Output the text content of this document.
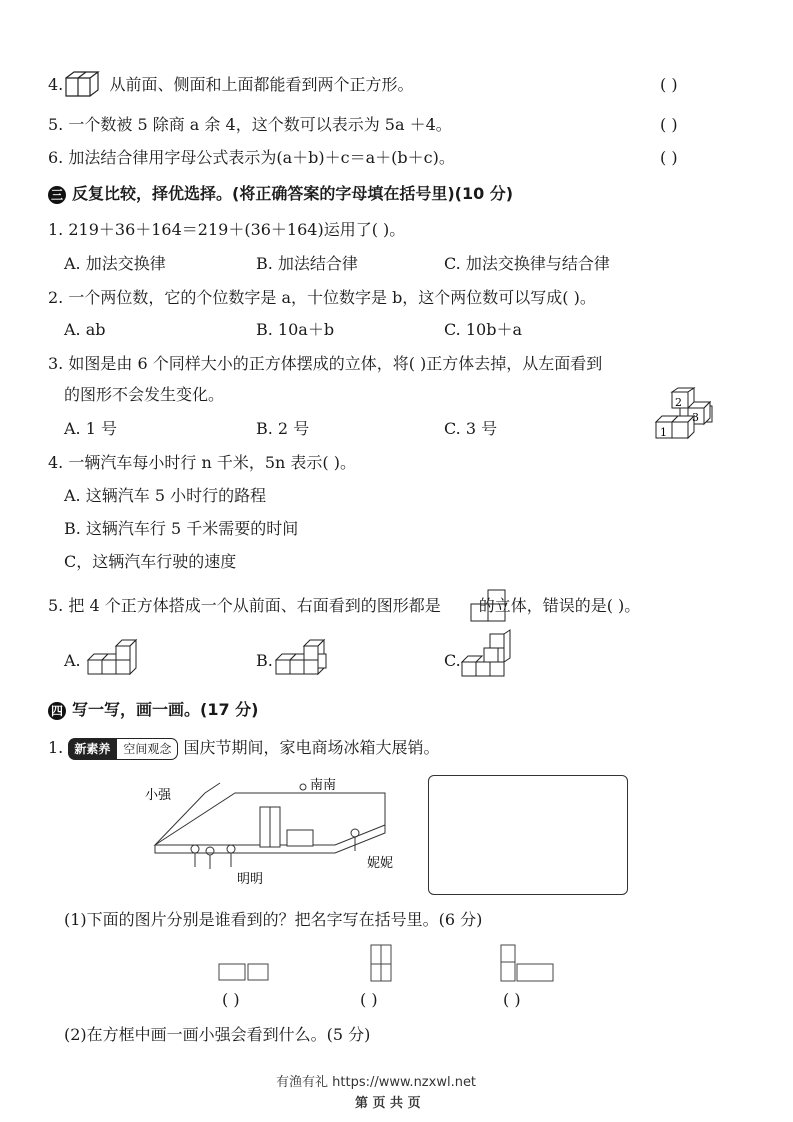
4.	从前面、侧面和上面都能看到两个正方形。	( )
5. 一个数被 5 除商 a 余 4，这个数可以表示为 5a ＋4。	( )
6. 加法结合律用字母公式表示为(a＋b)＋c＝a＋(b＋c)。	( )
三 反复比较，择优选择。(将正确答案的字母填在括号里)(10 分)
1. 219＋36＋164＝219＋(36＋164)运用了( )。
A. 加法交换律	B. 加法结合律	C. 加法交换律与结合律
2. 一个两位数，它的个位数字是 a，十位数字是 b，这个两位数可以写成( )。
A. ab	B. 10a＋b	C. 10b＋a
3. 如图是由 6 个同样大小的正方体摆成的立体，将( )正方体去掉，从左面看到
的图形不会发生变化。
A. 1 号	B. 2 号	C. 3 号
2
3
1
4. 一辆汽车每小时行 n 千米，5n 表示( )。
A. 这辆汽车 5 小时行的路程
B. 这辆汽车行 5 千米需要的时间
C，这辆汽车行驶的速度
5. 把 4 个正方体搭成一个从前面、右面看到的图形都是 的立体，错误的是( )。
A.	B.	C.
四 写一写，画一画。(17 分)
1. 新素养 空间观念 国庆节期间，家电商场冰箱大展销。
小强
南南
明明
妮妮
(1)下面的图片分别是谁看到的？把名字写在括号里。(6 分)
( )	( )	( )
(2)在方框中画一画小强会看到什么。(5 分)
有渔有礼 https://www.nzxwl.net
第 页 共 页
